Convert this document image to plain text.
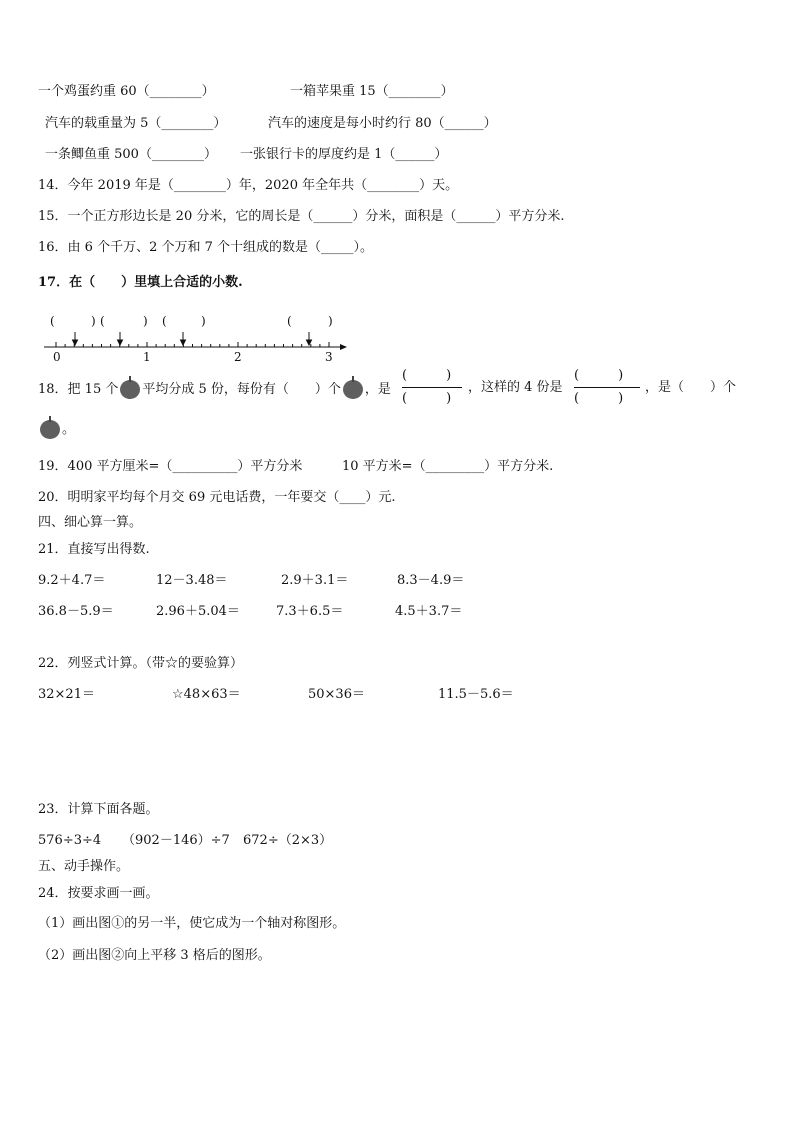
一个鸡蛋约重 60（________）	一箱苹果重 15（________）
汽车的载重量为 5（________）	汽车的速度是每小时约行 80（______）
一条鲫鱼重 500（________） 一张银行卡的厚度约是 1（______）
14．今年 2019 年是（________）年，2020 年全年共（________）天。
15．一个正方形边长是 20 分米，它的周长是（______）分米，面积是（______）平方分米.
16．由 6 个千万、2 个万和 7 个十组成的数是（_____）。
17．在（　　）里填上合适的小数.
(	) (	) (	)	(	)
0	1	2	3
18．把 15 个 平均分成 5 份，每份有（　　）个 ，是
(　　　)
(　　　)
，这样的 4 份是
(　　　)
(　　　)
，是（　　）个
。
19．400 平方厘米=（__________）平方分米	10 平方米=（_________）平方分米.
20．明明家平均每个月交 69 元电话费，一年要交（____）元.
四、细心算一算。
21．直接写出得数.
9.2＋4.7＝	12－3.48＝	2.9＋3.1＝	8.3－4.9＝
36.8－5.9＝	2.96＋5.04＝	7.3＋6.5＝	4.5＋3.7＝
22．列竖式计算。（带☆的要验算）
32×21＝	☆48×63＝	50×36＝	11.5－5.6＝
23．计算下面各题。
576÷3÷4 （902－146）÷7 672÷（2×3）
五、动手操作。
24．按要求画一画。
（1）画出图①的另一半，使它成为一个轴对称图形。
（2）画出图②向上平移 3 格后的图形。
